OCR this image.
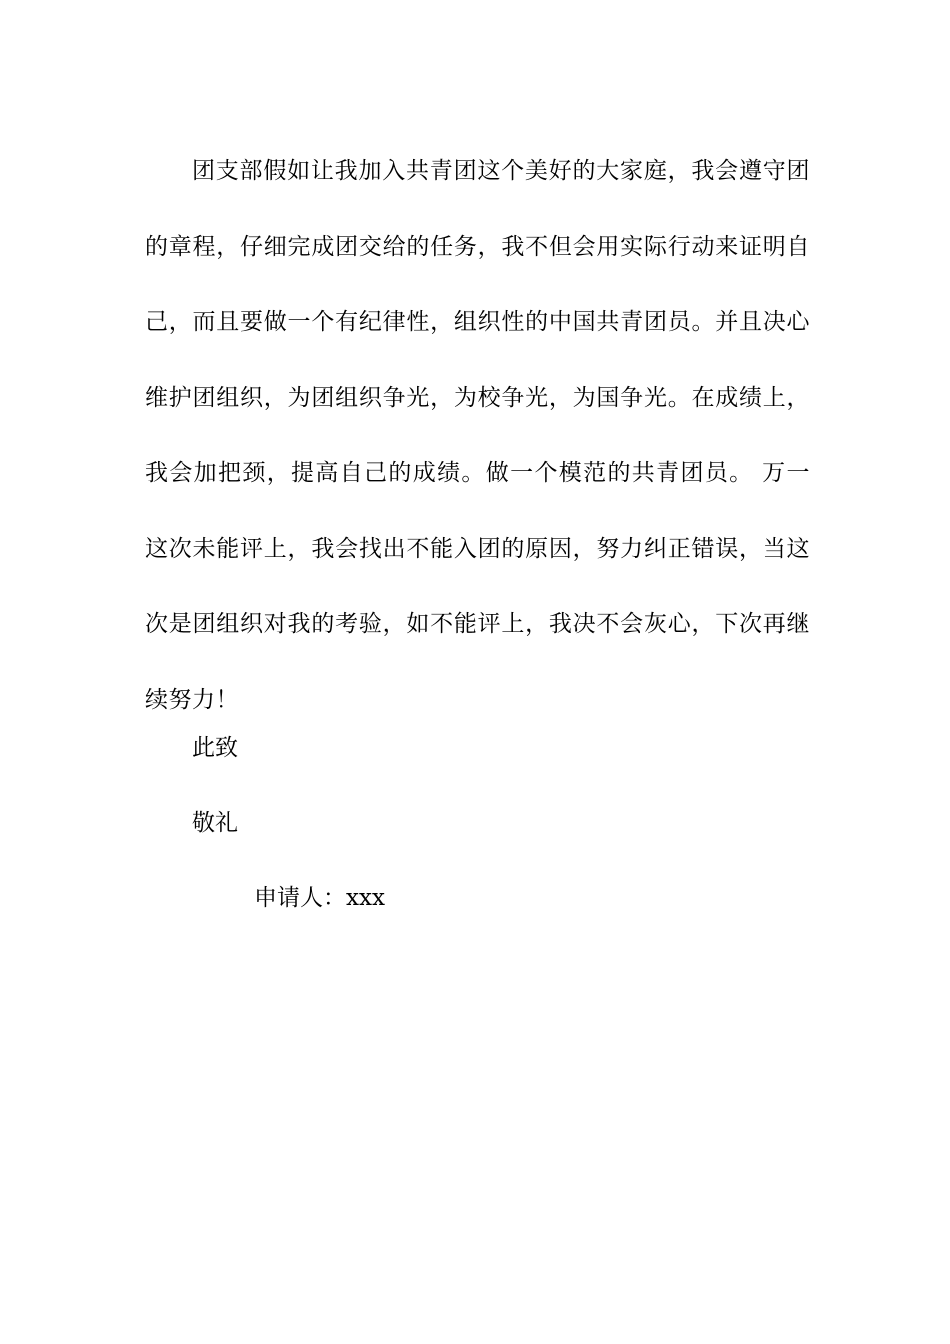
团支部假如让我加入共青团这个美好的大家庭，我会遵守团的章程，仔细完成团交给的任务，我不但会用实际行动来证明自己，而且要做一个有纪律性，组织性的中国共青团员。并且决心维护团组织，为团组织争光，为校争光，为国争光。在成绩上，我会加把颈，提高自己的成绩。做一个模范的共青团员。 万一这次未能评上，我会找出不能入团的原因，努力纠正错误，当这次是团组织对我的考验，如不能评上，我决不会灰心，下次再继续努力！

此致

敬礼

申请人：xxx
